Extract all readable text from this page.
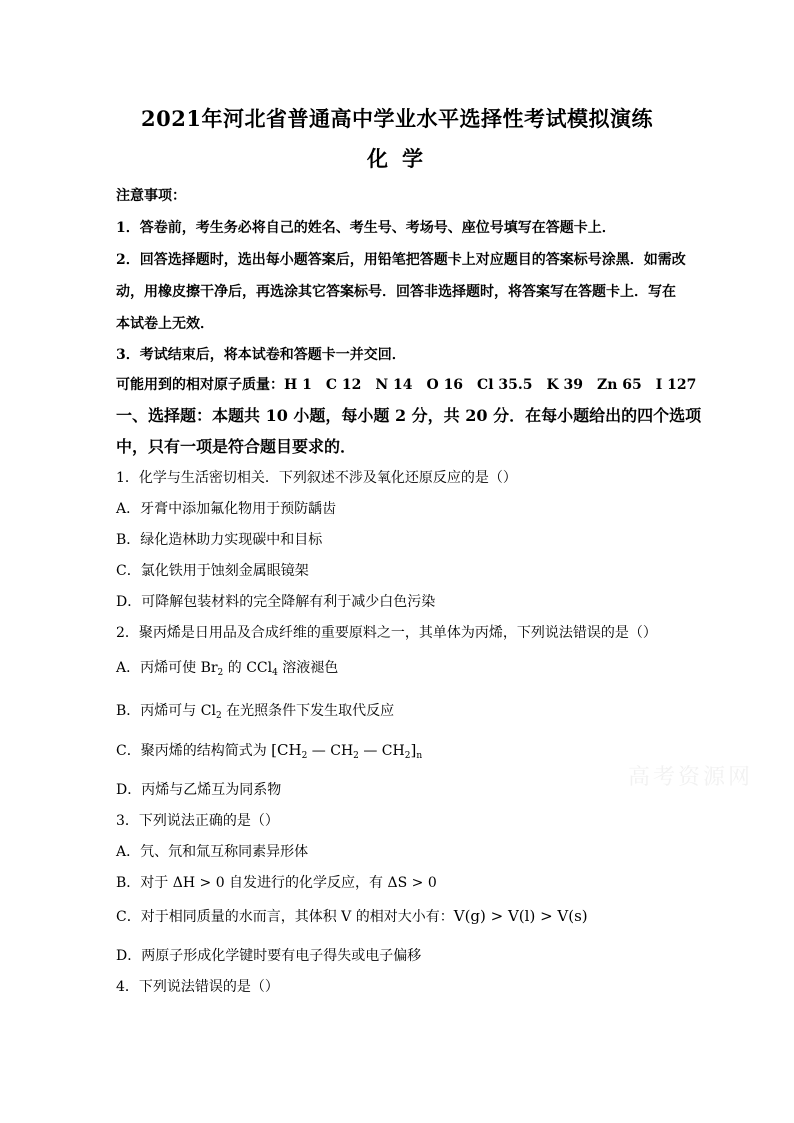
2021年河北省普通高中学业水平选择性考试模拟演练
化学
注意事项：
1．答卷前，考生务必将自己的姓名、考生号、考场号、座位号填写在答题卡上．
2．回答选择题时，选出每小题答案后，用铅笔把答题卡上对应题目的答案标号涂黑．如需改
动，用橡皮擦干净后，再选涂其它答案标号．回答非选择题时，将答案写在答题卡上．写在
本试卷上无效．
3．考试结束后，将本试卷和答题卡一并交回．
可能用到的相对原子质量：H 1　C 12　N 14　O 16　Cl 35.5　K 39　Zn 65　I 127
一、选择题：本题共 10 小题，每小题 2 分，共 20 分．在每小题给出的四个选项
中，只有一项是符合题目要求的．
1．化学与生活密切相关．下列叙述不涉及氧化还原反应的是（）
A．牙膏中添加氟化物用于预防龋齿
B．绿化造林助力实现碳中和目标
C．氯化铁用于蚀刻金属眼镜架
D．可降解包装材料的完全降解有利于减少白色污染
2．聚丙烯是日用品及合成纤维的重要原料之一，其单体为丙烯，下列说法错误的是（）
A．丙烯可使 $Br_2$ 的 CCl$_4$ 溶液褪色
B．丙烯可与 $Cl_2$ 在光照条件下发生取代反应
C．聚丙烯的结构简式为 [$CH_2$ — $CH_2$ — $CH_2]_n$
D．丙烯与乙烯互为同系物
3．下列说法正确的是（）
A．氕、氘和氚互称同素异形体
B．对于 ΔH > 0 自发进行的化学反应，有 ΔS > 0
C．对于相同质量的水而言，其体积 V 的相对大小有：V(g) > V(l) > V(s)
D．两原子形成化学键时要有电子得失或电子偏移
4．下列说法错误的是（）
高考资源网
